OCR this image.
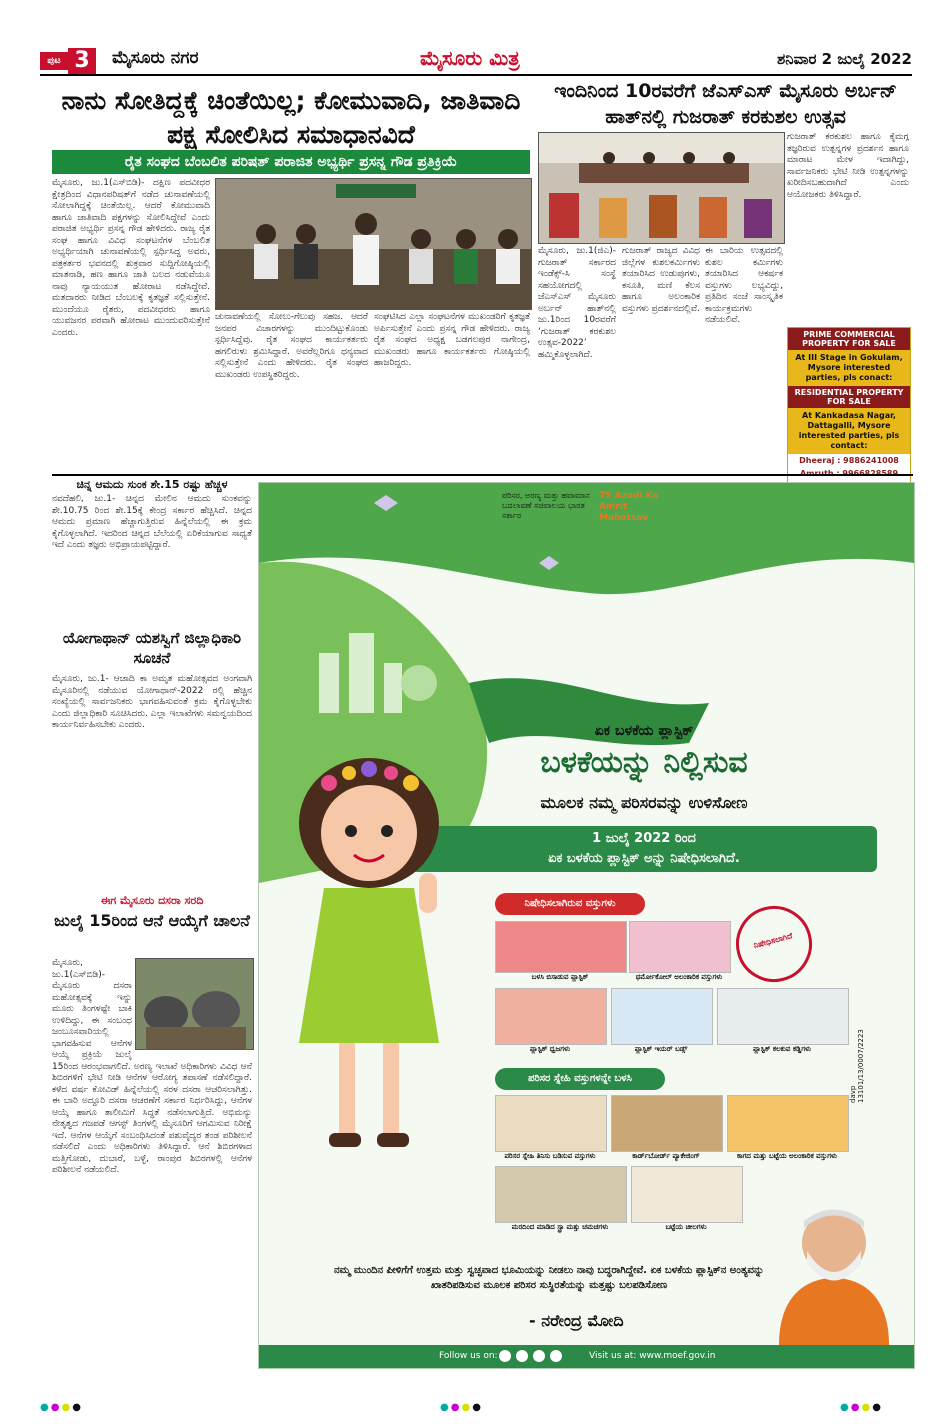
ಪುಟ 3	ಮೈಸೂರು ನಗರ	ಮೈಸೂರು ಮಿತ್ರ	ಶನಿವಾರ 2 ಜುಲೈ 2022
ನಾನು ಸೋತಿದ್ದಕ್ಕೆ ಚಿಂತೆಯಿಲ್ಲ; ಕೋಮುವಾದಿ, ಜಾತಿವಾದಿ ಪಕ್ಷ ಸೋಲಿಸಿದ ಸಮಾಧಾನವಿದೆ
ರೈತ ಸಂಘದ ಬೆಂಬಲಿತ ಪರಿಷತ್ ಪರಾಜಿತ ಅಭ್ಯರ್ಥಿ ಪ್ರಸನ್ನ ಗೌಡ ಪ್ರತಿಕ್ರಿಯೆ
ಮೈಸೂರು, ಜು.1(ಎಸ್‌ಬಿಡಿ)- ದಕ್ಷಿಣ ಪದವೀಧರ ಕ್ಷೇತ್ರದಿಂದ ವಿಧಾನಪರಿಷತ್‌ಗೆ ನಡೆದ ಚುನಾವಣೆಯಲ್ಲಿ ಸೋಲಾಗಿದ್ದಕ್ಕೆ ಚಿಂತೆಯಿಲ್ಲ. ಆದರೆ ಕೋಮುವಾದಿ ಹಾಗೂ ಜಾತಿವಾದಿ ಪಕ್ಷಗಳನ್ನು ಸೋಲಿಸಿದ್ದೇವೆ ಎಂದು ಪರಾಜಿತ ಅಭ್ಯರ್ಥಿ ಪ್ರಸನ್ನ ಗೌಡ ಹೇಳಿದರು. ರಾಜ್ಯ ರೈತ ಸಂಘ ಹಾಗೂ ವಿವಿಧ ಸಂಘಟನೆಗಳ ಬೆಂಬಲಿತ ಅಭ್ಯರ್ಥಿಯಾಗಿ ಚುನಾವಣೆಯಲ್ಲಿ ಸ್ಪರ್ಧಿಸಿದ್ದ ಅವರು, ಪತ್ರಕರ್ತರ ಭವನದಲ್ಲಿ ಶುಕ್ರವಾರ ಸುದ್ದಿಗೋಷ್ಠಿಯಲ್ಲಿ ಮಾತನಾಡಿ, ಹಣ ಹಾಗೂ ಜಾತಿ ಬಲದ ನಡುವೆಯೂ ನಾವು ನ್ಯಾಯಯುತ ಹೋರಾಟ ನಡೆಸಿದ್ದೇವೆ. ಮತದಾರರು ನೀಡಿದ ಬೆಂಬಲಕ್ಕೆ ಕೃತಜ್ಞತೆ ಸಲ್ಲಿಸುತ್ತೇನೆ. ಮುಂದೆಯೂ ರೈತರು, ಪದವೀಧರರು ಹಾಗೂ ಯುವಜನರ ಪರವಾಗಿ ಹೋರಾಟ ಮುಂದುವರಿಸುತ್ತೇನೆ ಎಂದರು.
ಚುನಾವಣೆಯಲ್ಲಿ ಸೋಲು-ಗೆಲುವು ಸಹಜ. ಆದರೆ ಜನಪರ ವಿಚಾರಗಳನ್ನು ಮುಂದಿಟ್ಟುಕೊಂಡು ಸ್ಪರ್ಧಿಸಿದ್ದೆವು. ರೈತ ಸಂಘದ ಕಾರ್ಯಕರ್ತರು ಹಗಲಿರುಳು ಶ್ರಮಿಸಿದ್ದಾರೆ. ಅವರೆಲ್ಲರಿಗೂ ಧನ್ಯವಾದ ಸಲ್ಲಿಸುತ್ತೇನೆ ಎಂದು ಹೇಳಿದರು. ರೈತ ಸಂಘದ ಮುಖಂಡರು ಉಪಸ್ಥಿತರಿದ್ದರು.
ಸಂಘಟಿಸಿದ ಎಲ್ಲಾ ಸಂಘಟನೆಗಳ ಮುಖಂಡರಿಗೆ ಕೃತಜ್ಞತೆ ಅರ್ಪಿಸುತ್ತೇನೆ ಎಂದು ಪ್ರಸನ್ನ ಗೌಡ ಹೇಳಿದರು. ರಾಜ್ಯ ರೈತ ಸಂಘದ ಅಧ್ಯಕ್ಷ ಬಡಗಲಪುರ ನಾಗೇಂದ್ರ, ಮುಖಂಡರು ಹಾಗೂ ಕಾರ್ಯಕರ್ತರು ಗೋಷ್ಠಿಯಲ್ಲಿ ಹಾಜರಿದ್ದರು.
ಇಂದಿನಿಂದ 10ರವರೆಗೆ ಜೆಎಸ್‌ಎಸ್ ಮೈಸೂರು ಅರ್ಬನ್ ಹಾತ್‌ನಲ್ಲಿ ಗುಜರಾತ್ ಕರಕುಶಲ ಉತ್ಸವ
ಗುಜರಾತ್ ಕರಕುಶಲ ಹಾಗೂ ಕೈಮಗ್ಗ ತಜ್ಞರಿರುವ ಉತ್ಪನ್ನಗಳ ಪ್ರದರ್ಶನ ಹಾಗೂ ಮಾರಾಟ ಮೇಳ ಇದಾಗಿದ್ದು, ಸಾರ್ವಜನಿಕರು ಭೇಟಿ ನೀಡಿ ಉತ್ಪನ್ನಗಳನ್ನು ಖರೀದಿಸಬಹುದಾಗಿದೆ ಎಂದು ಆಯೋಜಕರು ತಿಳಿಸಿದ್ದಾರೆ.
ಮೈಸೂರು, ಜು.1(ಜಿಎ)- ಗುಜರಾತ್ ಸರ್ಕಾರದ ಇಂಡೆಕ್ಸ್-ಸಿ ಸಂಸ್ಥೆ ಸಹಯೋಗದಲ್ಲಿ ಜೆಎಸ್‌ಎಸ್ ಮೈಸೂರು ಅರ್ಬನ್ ಹಾತ್‌ನಲ್ಲಿ ಜು.1ರಿಂದ 10ರವರೆಗೆ ‘ಗುಜರಾತ್ ಕರಕುಶಲ ಉತ್ಸವ-2022’ ಹಮ್ಮಿಕೊಳ್ಳಲಾಗಿದೆ.
ಗುಜರಾತ್ ರಾಜ್ಯದ ವಿವಿಧ ಜಿಲ್ಲೆಗಳ ಕುಶಲಕರ್ಮಿಗಳು ತಯಾರಿಸಿದ ಉಡುಪುಗಳು, ಕಸೂತಿ, ಮಣಿ ಕೆಲಸ ಹಾಗೂ ಅಲಂಕಾರಿಕ ವಸ್ತುಗಳು ಪ್ರದರ್ಶನದಲ್ಲಿವೆ.
ಈ ಬಾರಿಯ ಉತ್ಸವದಲ್ಲಿ ಕುಶಲ ಕರ್ಮಿಗಳು ತಯಾರಿಸಿದ ಆಕರ್ಷಕ ವಸ್ತುಗಳು ಲಭ್ಯವಿದ್ದು, ಪ್ರತಿದಿನ ಸಂಜೆ ಸಾಂಸ್ಕೃತಿಕ ಕಾರ್ಯಕ್ರಮಗಳು ನಡೆಯಲಿವೆ.
PRIME COMMERCIAL PROPERTY FOR SALE
At III Stage in Gokulam, Mysore interested parties, pls conact:
RESIDENTIAL PROPERTY FOR SALE
At Kankadasa Nagar, Dattagalli, Mysore interested parties, pls contact:
Dheeraj : 9886241008
ಚಿನ್ನ ಆಮದು ಸುಂಕ ಶೇ.15 ರಷ್ಟು ಹೆಚ್ಚಳ
ನವದೆಹಲಿ, ಜು.1- ಚಿನ್ನದ ಮೇಲಿನ ಆಮದು ಸುಂಕವನ್ನು ಶೇ.10.75 ರಿಂದ ಶೇ.15ಕ್ಕೆ ಕೇಂದ್ರ ಸರ್ಕಾರ ಹೆಚ್ಚಿಸಿದೆ. ಚಿನ್ನದ ಆಮದು ಪ್ರಮಾಣ ಹೆಚ್ಚಾಗುತ್ತಿರುವ ಹಿನ್ನೆಲೆಯಲ್ಲಿ ಈ ಕ್ರಮ ಕೈಗೊಳ್ಳಲಾಗಿದೆ. ಇದರಿಂದ ಚಿನ್ನದ ಬೆಲೆಯಲ್ಲಿ ಏರಿಕೆಯಾಗುವ ಸಾಧ್ಯತೆ ಇದೆ ಎಂದು ತಜ್ಞರು ಅಭಿಪ್ರಾಯಪಟ್ಟಿದ್ದಾರೆ.
ಯೋಗಾಥಾನ್ ಯಶಸ್ವಿಗೆ ಜಿಲ್ಲಾಧಿಕಾರಿ ಸೂಚನೆ
ಮೈಸೂರು, ಜು.1- ಆಜಾದಿ ಕಾ ಅಮೃತ ಮಹೋತ್ಸವದ ಅಂಗವಾಗಿ ಮೈಸೂರಿನಲ್ಲಿ ನಡೆಯುವ ಯೋಗಾಥಾನ್-2022 ರಲ್ಲಿ ಹೆಚ್ಚಿನ ಸಂಖ್ಯೆಯಲ್ಲಿ ಸಾರ್ವಜನಿಕರು ಭಾಗವಹಿಸುವಂತೆ ಕ್ರಮ ಕೈಗೊಳ್ಳಬೇಕು ಎಂದು ಜಿಲ್ಲಾಧಿಕಾರಿ ಸೂಚಿಸಿದರು. ಎಲ್ಲಾ ಇಲಾಖೆಗಳು ಸಮನ್ವಯದಿಂದ ಕಾರ್ಯನಿರ್ವಹಿಸಬೇಕು ಎಂದರು.
ಈಗ ಮೈಸೂರು ದಸರಾ ಸರದಿ
ಜುಲೈ 15ರಿಂದ ಆನೆ ಆಯ್ಕೆಗೆ ಚಾಲನೆ
ಮೈಸೂರು, ಜು.1(ಎಸ್‌ಬಿಡಿ)- ಮೈಸೂರು ದಸರಾ ಮಹೋತ್ಸವಕ್ಕೆ ಇನ್ನು ಮೂರು ತಿಂಗಳಷ್ಟೇ ಬಾಕಿ ಉಳಿದಿದ್ದು, ಈ ಸಂಬಂಧ ಜಂಬೂಸವಾರಿಯಲ್ಲಿ ಭಾಗವಹಿಸುವ ಆನೆಗಳ ಆಯ್ಕೆ ಪ್ರಕ್ರಿಯೆ ಜುಲೈ 15ರಿಂದ ಆರಂಭವಾಗಲಿದೆ. ಅರಣ್ಯ ಇಲಾಖೆ ಅಧಿಕಾರಿಗಳು ವಿವಿಧ ಆನೆ ಶಿಬಿರಗಳಿಗೆ ಭೇಟಿ ನೀಡಿ ಆನೆಗಳ ಆರೋಗ್ಯ ತಪಾಸಣೆ ನಡೆಸಲಿದ್ದಾರೆ. ಕಳೆದ ವರ್ಷ ಕೋವಿಡ್ ಹಿನ್ನೆಲೆಯಲ್ಲಿ ಸರಳ ದಸರಾ ಆಚರಿಸಲಾಗಿತ್ತು. ಈ ಬಾರಿ ಅದ್ದೂರಿ ದಸರಾ ಆಚರಣೆಗೆ ಸರ್ಕಾರ ನಿರ್ಧರಿಸಿದ್ದು, ಆನೆಗಳ ಆಯ್ಕೆ ಹಾಗೂ ತಾಲೀಮಿಗೆ ಸಿದ್ಧತೆ ನಡೆಸಲಾಗುತ್ತಿದೆ. ಅಭಿಮನ್ಯು ನೇತೃತ್ವದ ಗಜಪಡೆ ಆಗಸ್ಟ್ ತಿಂಗಳಲ್ಲಿ ಮೈಸೂರಿಗೆ ಆಗಮಿಸುವ ನಿರೀಕ್ಷೆ ಇದೆ. ಆನೆಗಳ ಆಯ್ಕೆಗೆ ಸಂಬಂಧಿಸಿದಂತೆ ಪಶುವೈದ್ಯರ ತಂಡ ಪರಿಶೀಲನೆ ನಡೆಸಲಿದೆ ಎಂದು ಅಧಿಕಾರಿಗಳು ತಿಳಿಸಿದ್ದಾರೆ. ಆನೆ ಶಿಬಿರಗಳಾದ ಮತ್ತಿಗೋಡು, ದುಬಾರೆ, ಬಳ್ಳೆ, ರಾಂಪುರ ಶಿಬಿರಗಳಲ್ಲಿ ಆನೆಗಳ ಪರಿಶೀಲನೆ ನಡೆಯಲಿದೆ.
ಪರಿಸರ, ಅರಣ್ಯ ಮತ್ತು ಹವಾಮಾನ ಬದಲಾವಣೆ ಸಚಿವಾಲಯ ಭಾರತ ಸರ್ಕಾರ
75 Azadi Ka Amrit Mahotsav
ಏಕ ಬಳಕೆಯ ಪ್ಲಾಸ್ಟಿಕ್
ಬಳಕೆಯನ್ನು ನಿಲ್ಲಿಸುವ
ಮೂಲಕ ನಮ್ಮ ಪರಿಸರವನ್ನು ಉಳಿಸೋಣ
1 ಜುಲೈ 2022 ರಿಂದ
ಏಕ ಬಳಕೆಯ ಪ್ಲಾಸ್ಟಿಕ್ ಅನ್ನು ನಿಷೇಧಿಸಲಾಗಿದೆ.
ನಿಷೇಧಿಸಲಾಗಿರುವ ವಸ್ತುಗಳು
ನಿಷೇಧಿಸಲಾಗಿದೆ
ಬಳಸಿ ಬಿಸಾಡುವ ಪ್ಲಾಸ್ಟಿಕ್	ಥರ್ಮೋಕೋಲ್ ಅಲಂಕಾರಿಕ ವಸ್ತುಗಳು
ಪ್ಲಾಸ್ಟಿಕ್ ಧ್ವಜಗಳು	ಪ್ಲಾಸ್ಟಿಕ್ ಇಯರ್ ಬಡ್ಸ್	ಪ್ಲಾಸ್ಟಿಕ್ ಕಲಕುವ ಕಡ್ಡಿಗಳು
ಪರಿಸರ ಸ್ನೇಹಿ ವಸ್ತುಗಳನ್ನೇ ಬಳಸಿ
ಪರಿಸರ ಸ್ನೇಹಿ ತಿನಿಸು ಬಡಿಸುವ ವಸ್ತುಗಳು	ಕಾರ್ಡ್‌ಬೋರ್ಡ್ ಪ್ಯಾಕೇಜಿಂಗ್	ಕಾಗದ ಮತ್ತು ಬಟ್ಟೆಯ ಅಲಂಕಾರಿಕ ವಸ್ತುಗಳು
ಮರದಿಂದ ಮಾಡಿದ ಸ್ಟ್ರಾ ಮತ್ತು ಚಮಚಗಳು	ಬಟ್ಟೆಯ ಚೀಲಗಳು
davp 13101/13/0007/2223
ನಮ್ಮ ಮುಂದಿನ ಪೀಳಿಗೆಗೆ ಉತ್ತಮ ಮತ್ತು ಸ್ವಚ್ಛವಾದ ಭೂಮಿಯನ್ನು ನೀಡಲು ನಾವು ಬದ್ಧರಾಗಿದ್ದೇವೆ. ಏಕ ಬಳಕೆಯ ಪ್ಲಾಸ್ಟಿಕ್‌ನ ಅಂತ್ಯವನ್ನು ಖಾತರಿಪಡಿಸುವ ಮೂಲಕ ಪರಿಸರ ಸುಸ್ಥಿರತೆಯನ್ನು ಮತ್ತಷ್ಟು ಬಲಪಡಿಸೋಣ
- ನರೇಂದ್ರ ಮೋದಿ
Follow us on:	Visit us at: www.moef.gov.in
●●●●	●●●●	●●●●
